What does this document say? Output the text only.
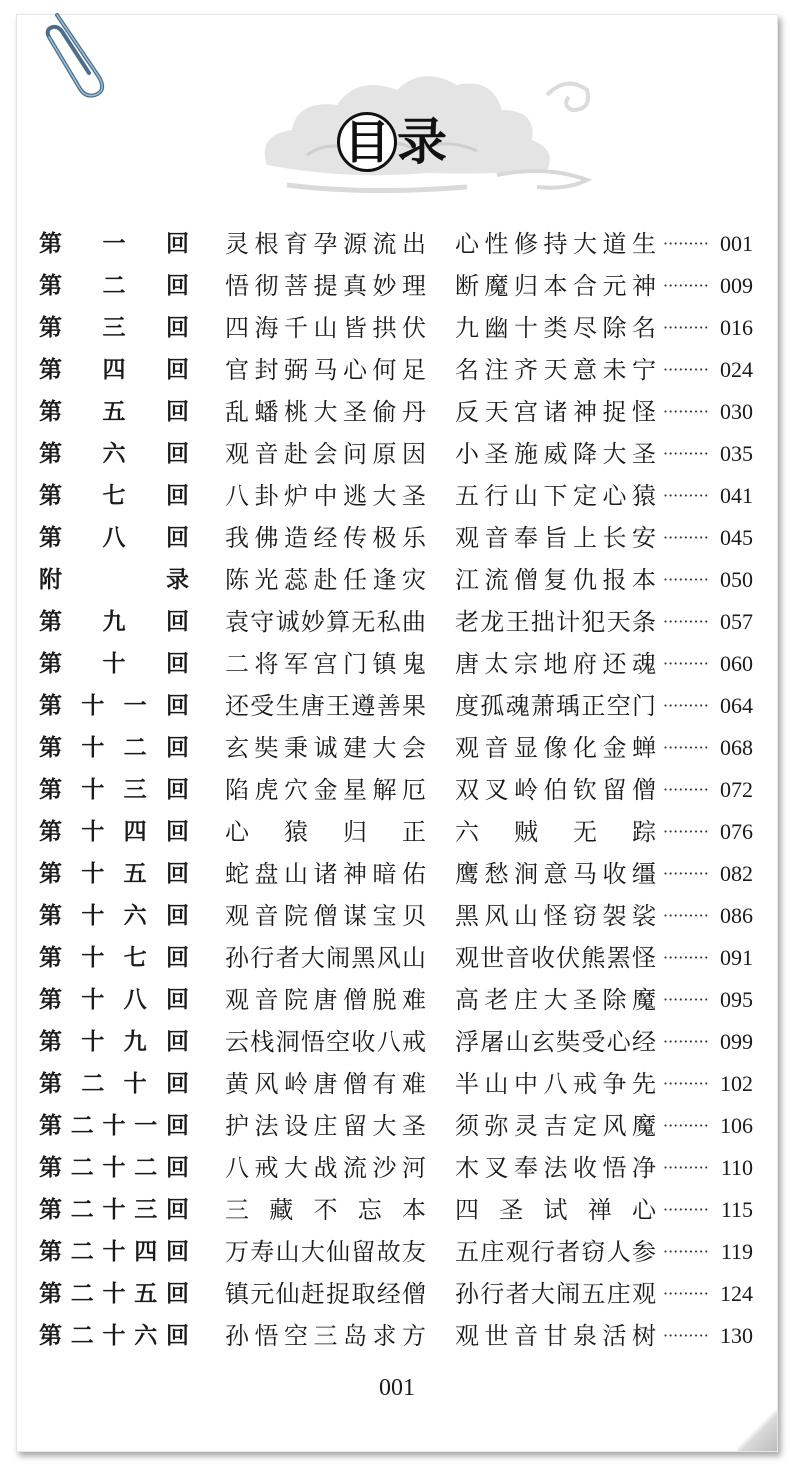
目 录
第 一 回 灵根育孕源流出 心性修持大道生 ········· 001
第 二 回 悟彻菩提真妙理 断魔归本合元神 ········· 009
第 三 回 四海千山皆拱伏 九幽十类尽除名 ········· 016
第 四 回 官封弼马心何足 名注齐天意未宁 ········· 024
第 五 回 乱蟠桃大圣偷丹 反天宫诸神捉怪 ········· 030
第 六 回 观音赴会问原因 小圣施威降大圣 ········· 035
第 七 回 八卦炉中逃大圣 五行山下定心猿 ········· 041
第 八 回 我佛造经传极乐 观音奉旨上长安 ········· 045
附	录 陈光蕊赴任逢灾 江流僧复仇报本 ········· 050
第 九 回 袁守诚妙算无私曲 老龙王拙计犯天条 ········· 057
第 十 回 二将军宫门镇鬼 唐太宗地府还魂 ········· 060
第 十 一 回 还受生唐王遵善果 度孤魂萧瑀正空门 ········· 064
第 十 二 回 玄奘秉诚建大会 观音显像化金蝉 ········· 068
第 十 三 回 陷虎穴金星解厄 双叉岭伯钦留僧 ········· 072
第 十 四 回 心猿归正 六贼无踪 ········· 076
第 十 五 回 蛇盘山诸神暗佑 鹰愁涧意马收缰 ········· 082
第 十 六 回 观音院僧谋宝贝 黑风山怪窃袈裟 ········· 086
第 十 七 回 孙行者大闹黑风山 观世音收伏熊罴怪 ········· 091
第 十 八 回 观音院唐僧脱难 高老庄大圣除魔 ········· 095
第 十 九 回 云栈洞悟空收八戒 浮屠山玄奘受心经 ········· 099
第 二 十 回 黄风岭唐僧有难 半山中八戒争先 ········· 102
第 二 十 一 回 护法设庄留大圣 须弥灵吉定风魔 ········· 106
第 二 十 二 回 八戒大战流沙河 木叉奉法收悟净 ········· 110
第 二 十 三 回 三藏不忘本 四圣试禅心 ········· 115
第 二 十 四 回 万寿山大仙留故友 五庄观行者窃人参 ········· 119
第 二 十 五 回 镇元仙赶捉取经僧 孙行者大闹五庄观 ········· 124
第 二 十 六 回 孙悟空三岛求方 观世音甘泉活树 ········· 130
001
